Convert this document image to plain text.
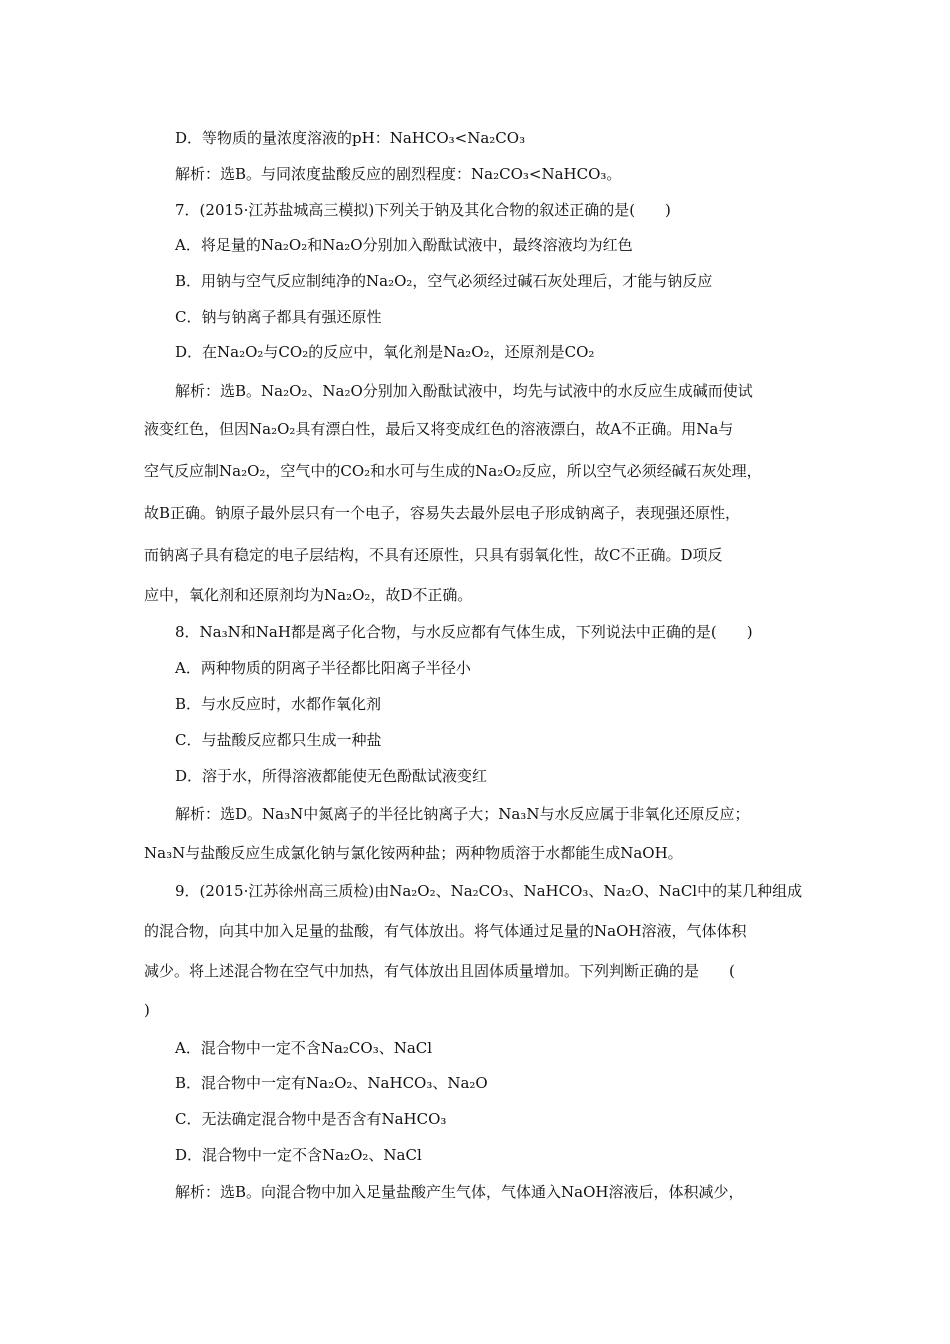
D．等物质的量浓度溶液的pH：NaHCO₃<Na₂CO₃
解析：选B。与同浓度盐酸反应的剧烈程度：Na₂CO₃<NaHCO₃。
7．(2015·江苏盐城高三模拟)下列关于钠及其化合物的叙述正确的是(　　)
A．将足量的Na₂O₂和Na₂O分别加入酚酞试液中，最终溶液均为红色
B．用钠与空气反应制纯净的Na₂O₂，空气必须经过碱石灰处理后，才能与钠反应
C．钠与钠离子都具有强还原性
D．在Na₂O₂与CO₂的反应中，氧化剂是Na₂O₂，还原剂是CO₂
解析：选B。Na₂O₂、Na₂O分别加入酚酞试液中，均先与试液中的水反应生成碱而使试
液变红色，但因Na₂O₂具有漂白性，最后又将变成红色的溶液漂白，故A不正确。用Na与
空气反应制Na₂O₂，空气中的CO₂和水可与生成的Na₂O₂反应，所以空气必须经碱石灰处理，
故B正确。钠原子最外层只有一个电子，容易失去最外层电子形成钠离子，表现强还原性，
而钠离子具有稳定的电子层结构，不具有还原性，只具有弱氧化性，故C不正确。D项反
应中，氧化剂和还原剂均为Na₂O₂，故D不正确。
8．Na₃N和NaH都是离子化合物，与水反应都有气体生成，下列说法中正确的是(　　)
A．两种物质的阴离子半径都比阳离子半径小
B．与水反应时，水都作氧化剂
C．与盐酸反应都只生成一种盐
D．溶于水，所得溶液都能使无色酚酞试液变红
解析：选D。Na₃N中氮离子的半径比钠离子大；Na₃N与水反应属于非氧化还原反应；
Na₃N与盐酸反应生成氯化钠与氯化铵两种盐；两种物质溶于水都能生成NaOH。
9．(2015·江苏徐州高三质检)由Na₂O₂、Na₂CO₃、NaHCO₃、Na₂O、NaCl中的某几种组成
的混合物，向其中加入足量的盐酸，有气体放出。将气体通过足量的NaOH溶液，气体体积
减少。将上述混合物在空气中加热，有气体放出且固体质量增加。下列判断正确的是　　(
)
A．混合物中一定不含Na₂CO₃、NaCl
B．混合物中一定有Na₂O₂、NaHCO₃、Na₂O
C．无法确定混合物中是否含有NaHCO₃
D．混合物中一定不含Na₂O₂、NaCl
解析：选B。向混合物中加入足量盐酸产生气体，气体通入NaOH溶液后，体积减少，
